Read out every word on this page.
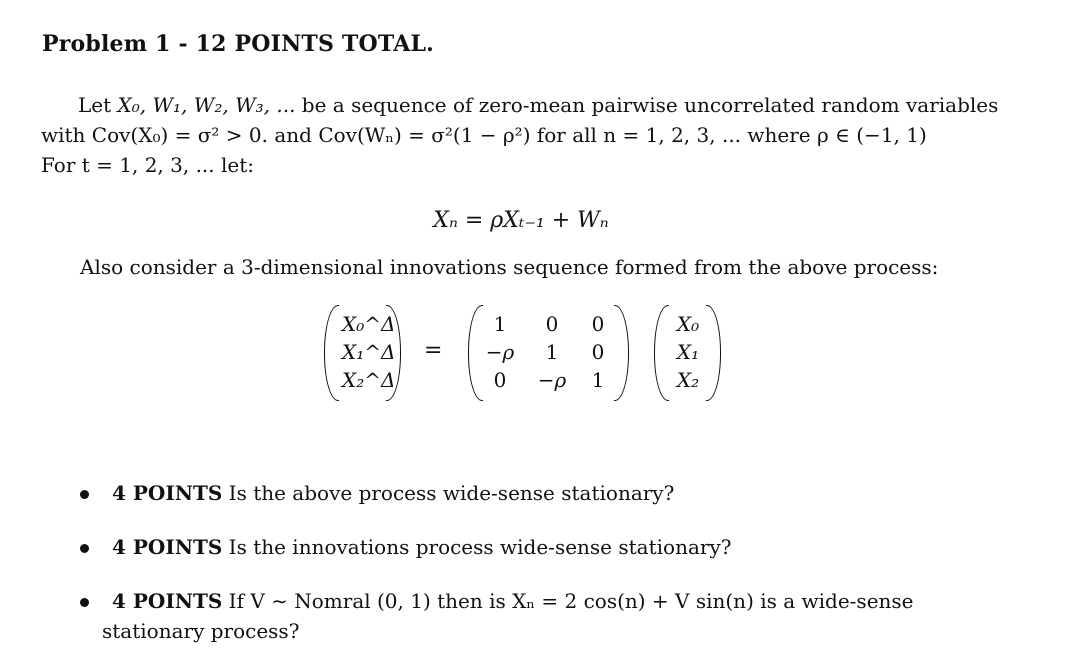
Problem 1 - 12 POINTS TOTAL.
Let X₀, W₁, W₂, W₃, ... be a sequence of zero-mean pairwise uncorrelated random variables
with Cov(X₀) = σ² > 0. and Cov(Wₙ) = σ²(1 − ρ²) for all n = 1, 2, 3, ... where ρ ∈ (−1, 1)
For t = 1, 2, 3, ... let:
Xₙ = ρXₜ₋₁ + Wₙ
Also consider a 3-dimensional innovations sequence formed from the above process:
X₀^Δ
X₁^Δ
X₂^Δ
=
1	0	0
−ρ	1	0
0	−ρ	1
X₀
X₁
X₂
4 POINTS Is the above process wide-sense stationary?
4 POINTS Is the innovations process wide-sense stationary?
4 POINTS If V ∼ Nomral (0, 1) then is Xₙ = 2 cos(n) + V sin(n) is a wide-sense
stationary process?
